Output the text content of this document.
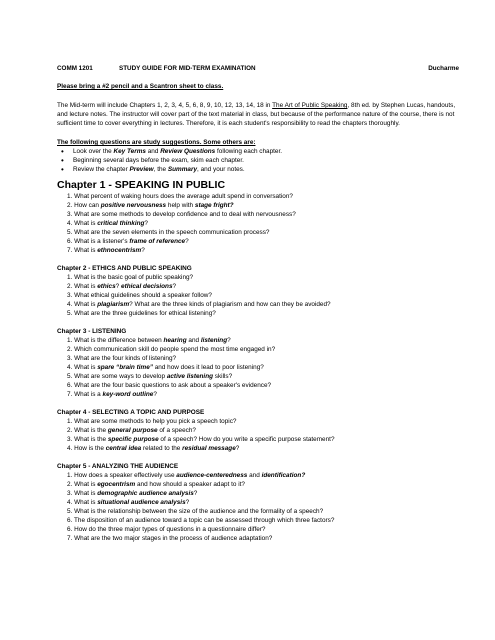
COMM 1201	STUDY GUIDE FOR MID-TERM EXAMINATION	Ducharme
Please bring a #2 pencil and a Scantron sheet to class.
The Mid-term will include Chapters 1, 2, 3, 4, 5, 6, 8, 9, 10, 12, 13, 14, 18 in The Art of Public Speaking, 8th ed. by Stephen Lucas, handouts, and lecture notes. The instructor will cover part of the text material in class, but because of the performance nature of the course, there is not sufficient time to cover everything in lectures. Therefore, it is each student's responsibility to read the chapters thoroughly.
The following questions are study suggestions. Some others are:
• Look over the Key Terms and Review Questions following each chapter.
• Beginning several days before the exam, skim each chapter.
• Review the chapter Preview, the Summary, and your notes.
Chapter 1 - SPEAKING IN PUBLIC
1. What percent of waking hours does the average adult spend in conversation?
2. How can positive nervousness help with stage fright?
3. What are some methods to develop confidence and to deal with nervousness?
4. What is critical thinking?
5. What are the seven elements in the speech communication process?
6. What is a listener's frame of reference?
7. What is ethnocentrism?
Chapter 2 - ETHICS AND PUBLIC SPEAKING
1. What is the basic goal of public speaking?
2. What is ethics? ethical decisions?
3. What ethical guidelines should a speaker follow?
4. What is plagiarism? What are the three kinds of plagiarism and how can they be avoided?
5. What are the three guidelines for ethical listening?
Chapter 3 - LISTENING
1. What is the difference between hearing and listening?
2. Which communication skill do people spend the most time engaged in?
3. What are the four kinds of listening?
4. What is spare “brain time” and how does it lead to poor listening?
5. What are some ways to develop active listening skills?
6. What are the four basic questions to ask about a speaker's evidence?
7. What is a key-word outline?
Chapter 4 - SELECTING A TOPIC AND PURPOSE
1. What are some methods to help you pick a speech topic?
2. What is the general purpose of a speech?
3. What is the specific purpose of a speech? How do you write a specific purpose statement?
4. How is the central idea related to the residual message?
Chapter 5 - ANALYZING THE AUDIENCE
1. How does a speaker effectively use audience-centeredness and identification?
2. What is egocentrism and how should a speaker adapt to it?
3. What is demographic audience analysis?
4. What is situational audience analysis?
5. What is the relationship between the size of the audience and the formality of a speech?
6. The disposition of an audience toward a topic can be assessed through which three factors?
6. How do the three major types of questions in a questionnaire differ?
7. What are the two major stages in the process of audience adaptation?
